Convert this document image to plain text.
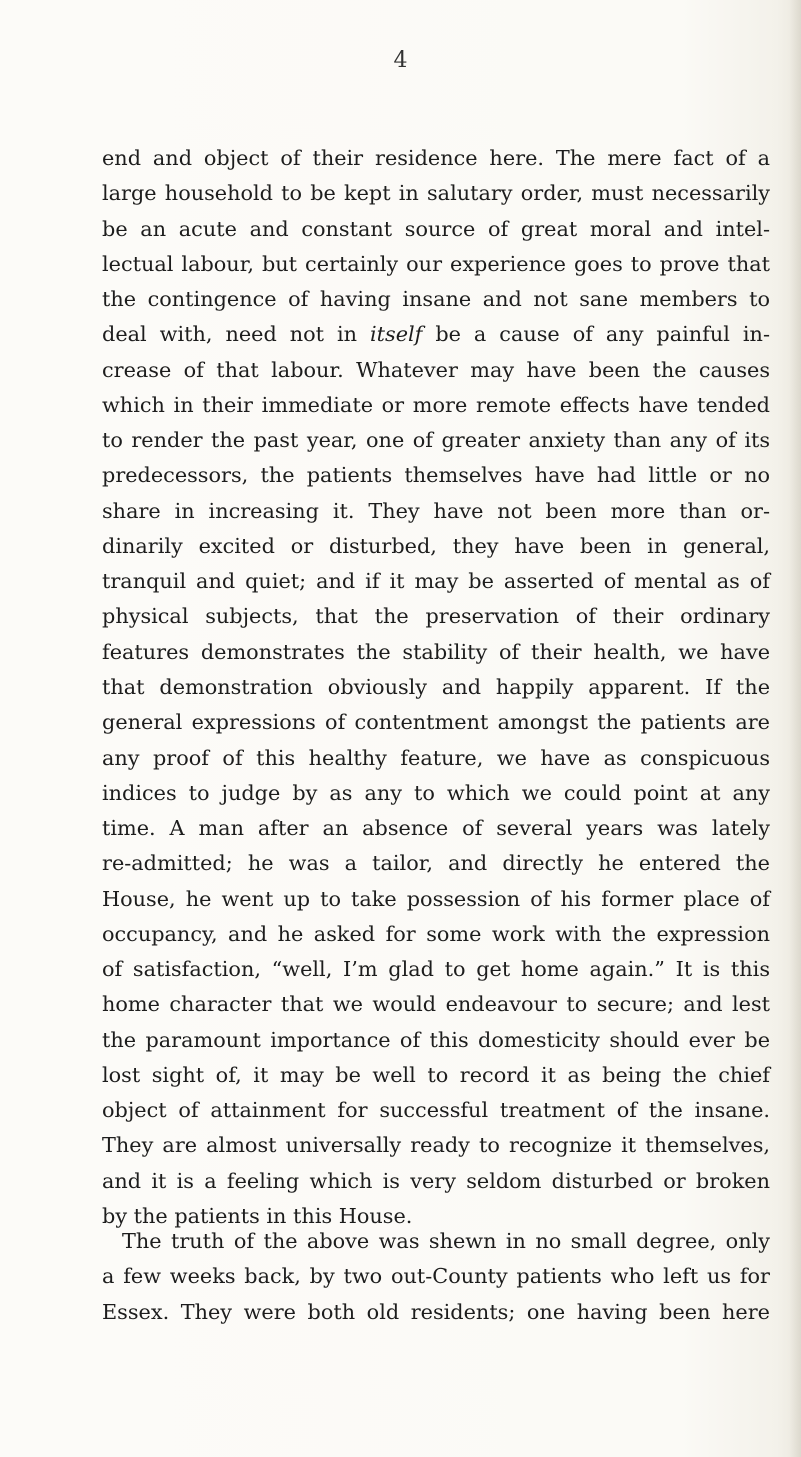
4
end and object of their residence here. The mere fact of a
large household to be kept in salutary order, must necessarily
be an acute and constant source of great moral and intel-
lectual labour, but certainly our experience goes to prove that
the contingence of having insane and not sane members to
deal with, need not in itself be a cause of any painful in-
crease of that labour. Whatever may have been the causes
which in their immediate or more remote effects have tended
to render the past year, one of greater anxiety than any of its
predecessors, the patients themselves have had little or no
share in increasing it. They have not been more than or-
dinarily excited or disturbed, they have been in general,
tranquil and quiet; and if it may be asserted of mental as of
physical subjects, that the preservation of their ordinary
features demonstrates the stability of their health, we have
that demonstration obviously and happily apparent. If the
general expressions of contentment amongst the patients are
any proof of this healthy feature, we have as conspicuous
indices to judge by as any to which we could point at any
time. A man after an absence of several years was lately
re-admitted; he was a tailor, and directly he entered the
House, he went up to take possession of his former place of
occupancy, and he asked for some work with the expression
of satisfaction, “well, I’m glad to get home again.” It is this
home character that we would endeavour to secure; and lest
the paramount importance of this domesticity should ever be
lost sight of, it may be well to record it as being the chief
object of attainment for successful treatment of the insane.
They are almost universally ready to recognize it themselves,
and it is a feeling which is very seldom disturbed or broken
by the patients in this House.
The truth of the above was shewn in no small degree, only
a few weeks back, by two out-County patients who left us for
Essex. They were both old residents; one having been here
